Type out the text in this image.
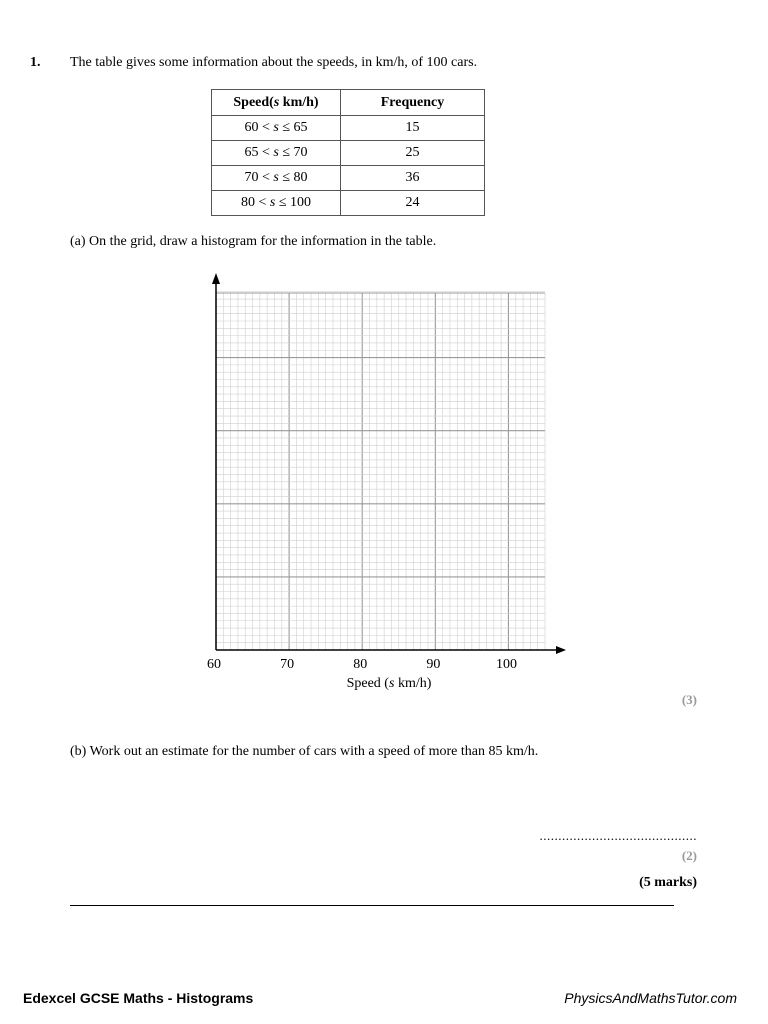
1. The table gives some information about the speeds, in km/h, of 100 cars.
Speed(s km/h)	Frequency
60 < s ≤ 65	15
65 < s ≤ 70	25
70 < s ≤ 80	36
80 < s ≤ 100	24
(a) On the grid, draw a histogram for the information in the table.
60	70	80	90	100
Speed (s km/h)
(3)
(b) Work out an estimate for the number of cars with a speed of more than 85 km/h.
..........................................
(2)
(5 marks)
Edexcel GCSE Maths - Histograms	PhysicsAndMathsTutor.com
